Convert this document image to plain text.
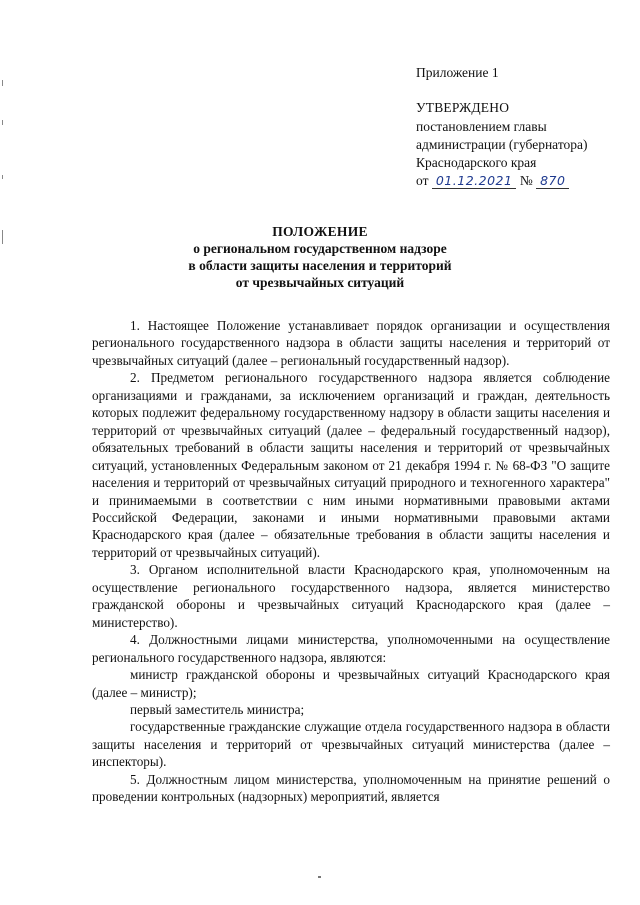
Приложение 1
УТВЕРЖДЕНО
постановлением главы
администрации (губернатора)
Краснодарского края
от 01.12.2021 № 870
ПОЛОЖЕНИЕ
о региональном государственном надзоре
в области защиты населения и территорий
от чрезвычайных ситуаций

1. Настоящее Положение устанавливает порядок организации и осуществления регионального государственного надзора в области защиты населения и территорий от чрезвычайных ситуаций (далее – региональный государственный надзор).

2. Предметом регионального государственного надзора является соблюдение организациями и гражданами, за исключением организаций и граждан, деятельность которых подлежит федеральному государственному надзору в области защиты населения и территорий от чрезвычайных ситуаций (далее – федеральный государственный надзор), обязательных требований в области защиты населения и территорий от чрезвычайных ситуаций, установленных Федеральным законом от 21 декабря 1994 г. № 68-ФЗ "О защите населения и территорий от чрезвычайных ситуаций природного и техногенного характера" и принимаемыми в соответствии с ним иными нормативными правовыми актами Российской Федерации, законами и иными нормативными правовыми актами Краснодарского края (далее – обязательные требования в области защиты населения и территорий от чрезвычайных ситуаций).

3. Органом исполнительной власти Краснодарского края, уполномоченным на осуществление регионального государственного надзора, является министерство гражданской обороны и чрезвычайных ситуаций Краснодарского края (далее – министерство).

4. Должностными лицами министерства, уполномоченными на осуществление регионального государственного надзора, являются:

министр гражданской обороны и чрезвычайных ситуаций Краснодарского края (далее – министр);

первый заместитель министра;

государственные гражданские служащие отдела государственного надзора в области защиты населения и территорий от чрезвычайных ситуаций министерства (далее – инспекторы).

5. Должностным лицом министерства, уполномоченным на принятие решений о проведении контрольных (надзорных) мероприятий, является
